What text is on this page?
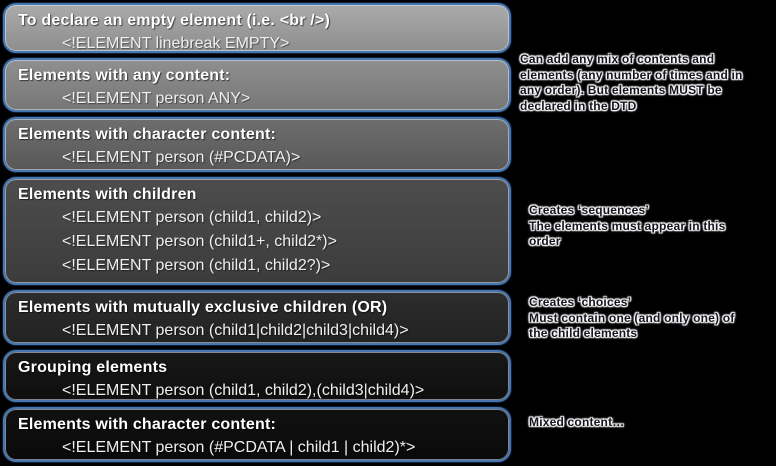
To declare an empty element (i.e. <br />)
<!ELEMENT linebreak EMPTY>
Elements with any content:
<!ELEMENT person ANY>
Elements with character content:
<!ELEMENT person (#PCDATA)>
Elements with children
<!ELEMENT person (child1, child2)>
<!ELEMENT person (child1+, child2*)>
<!ELEMENT person (child1, child2?)>
Elements with mutually exclusive children (OR)
<!ELEMENT person (child1|child2|child3|child4)>
Grouping elements
<!ELEMENT person (child1, child2),(child3|child4)>
Elements with character content:
<!ELEMENT person (#PCDATA | child1 | child2)*>
Can add any mix of contents and
elements (any number of times and in
any order). But elements MUST be
declared in the DTD
Creates ‘sequences’
The elements must appear in this
order
Creates ‘choices’
Must contain one (and only one) of
the child elements
Mixed content…
